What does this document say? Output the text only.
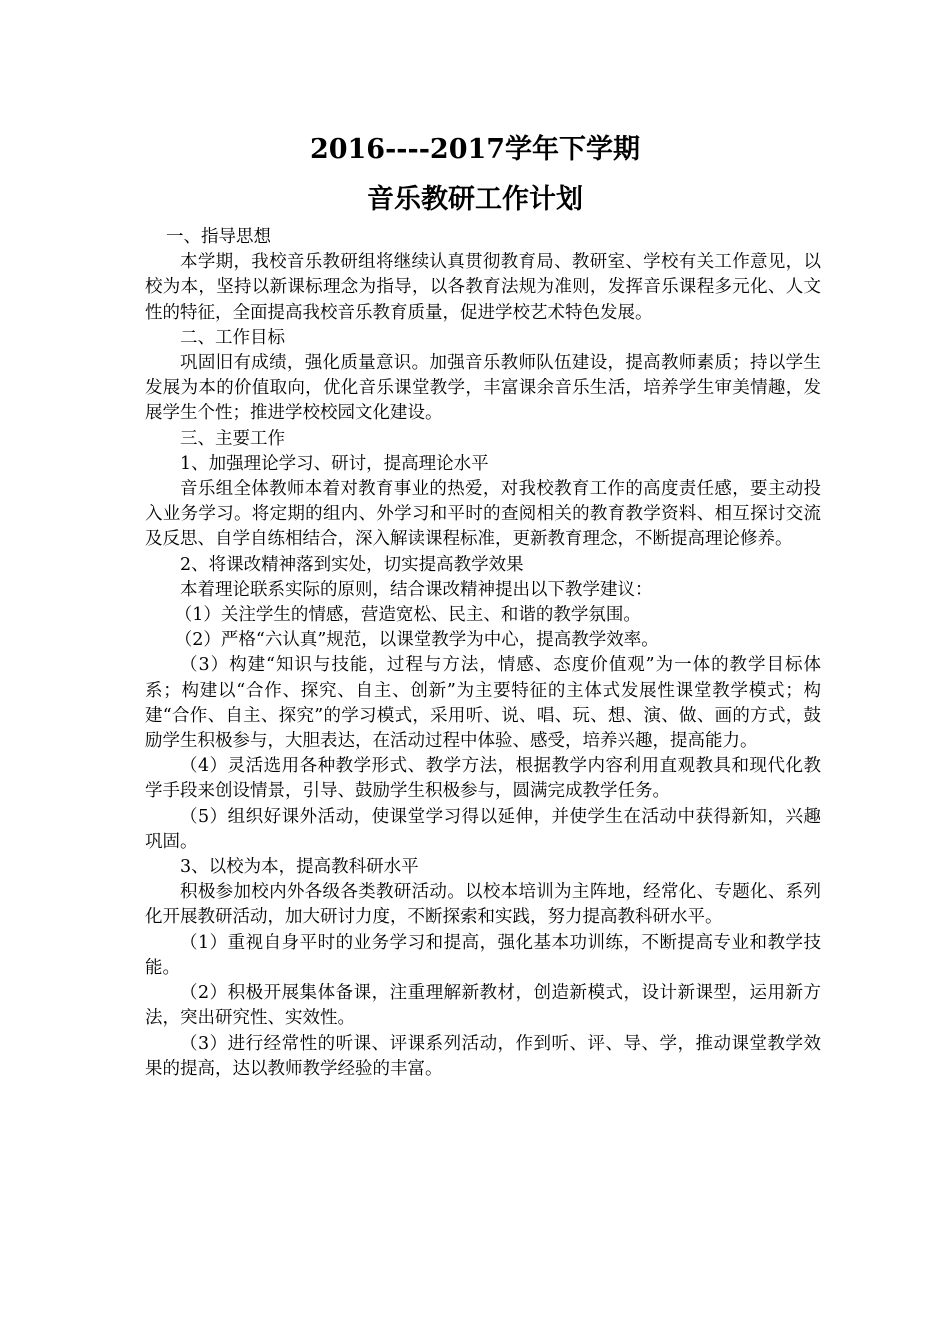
2016----2017学年下学期
音乐教研工作计划

一、指导思想

本学期，我校音乐教研组将继续认真贯彻教育局、教研室、学校有关工作意见，以校为本，坚持以新课标理念为指导，以各教育法规为准则，发挥音乐课程多元化、人文性的特征，全面提高我校音乐教育质量，促进学校艺术特色发展。

二、工作目标

巩固旧有成绩，强化质量意识。加强音乐教师队伍建设，提高教师素质；持以学生发展为本的价值取向，优化音乐课堂教学，丰富课余音乐生活，培养学生审美情趣，发展学生个性；推进学校校园文化建设。

三、主要工作

1、加强理论学习、研讨，提高理论水平

音乐组全体教师本着对教育事业的热爱，对我校教育工作的高度责任感，要主动投入业务学习。将定期的组内、外学习和平时的查阅相关的教育教学资料、相互探讨交流及反思、自学自练相结合，深入解读课程标准，更新教育理念，不断提高理论修养。

2、将课改精神落到实处，切实提高教学效果

本着理论联系实际的原则，结合课改精神提出以下教学建议：

（1）关注学生的情感，营造宽松、民主、和谐的教学氛围。

（2）严格“六认真”规范，以课堂教学为中心，提高教学效率。

（3）构建“知识与技能，过程与方法，情感、态度价值观”为一体的教学目标体系；构建以“合作、探究、自主、创新”为主要特征的主体式发展性课堂教学模式；构建“合作、自主、探究”的学习模式，采用听、说、唱、玩、想、演、做、画的方式，鼓励学生积极参与，大胆表达，在活动过程中体验、感受，培养兴趣，提高能力。

（4）灵活选用各种教学形式、教学方法，根据教学内容利用直观教具和现代化教学手段来创设情景，引导、鼓励学生积极参与，圆满完成教学任务。

（5）组织好课外活动，使课堂学习得以延伸，并使学生在活动中获得新知，兴趣巩固。

3、以校为本，提高教科研水平

积极参加校内外各级各类教研活动。以校本培训为主阵地，经常化、专题化、系列化开展教研活动，加大研讨力度，不断探索和实践，努力提高教科研水平。

（1）重视自身平时的业务学习和提高，强化基本功训练，不断提高专业和教学技能。

（2）积极开展集体备课，注重理解新教材，创造新模式，设计新课型，运用新方法，突出研究性、实效性。

（3）进行经常性的听课、评课系列活动，作到听、评、导、学，推动课堂教学效果的提高，达以教师教学经验的丰富。
